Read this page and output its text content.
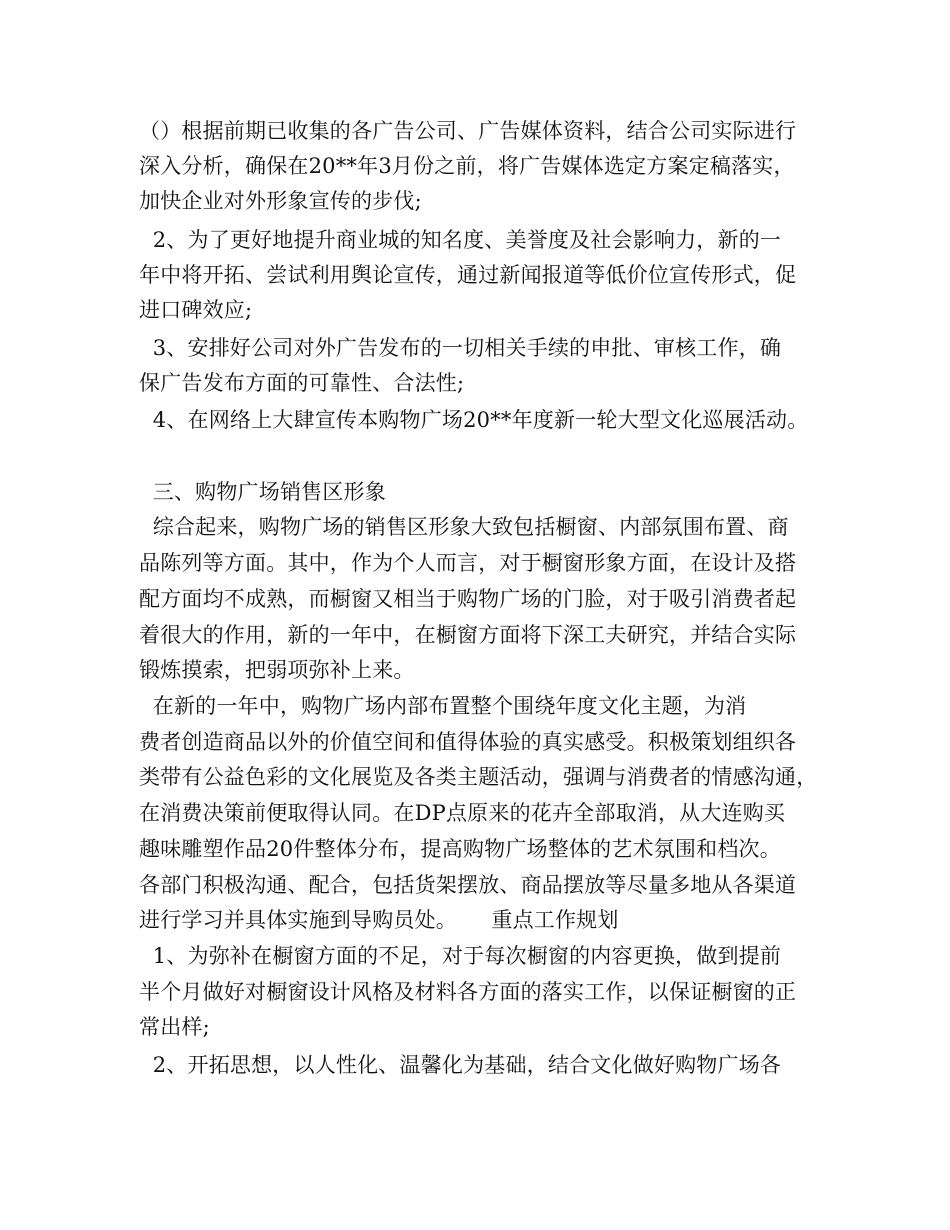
（）根据前期已收集的各广告公司、广告媒体资料，结合公司实际进行
深入分析，确保在20**年3月份之前，将广告媒体选定方案定稿落实，
加快企业对外形象宣传的步伐;
2、为了更好地提升商业城的知名度、美誉度及社会影响力，新的一
年中将开拓、尝试利用舆论宣传，通过新闻报道等低价位宣传形式，促
进口碑效应;
3、安排好公司对外广告发布的一切相关手续的申批、审核工作，确
保广告发布方面的可靠性、合法性;
4、在网络上大肆宣传本购物广场20**年度新一轮大型文化巡展活动。
三、购物广场销售区形象
综合起来，购物广场的销售区形象大致包括橱窗、内部氛围布置、商
品陈列等方面。其中，作为个人而言，对于橱窗形象方面，在设计及搭
配方面均不成熟，而橱窗又相当于购物广场的门脸，对于吸引消费者起
着很大的作用，新的一年中，在橱窗方面将下深工夫研究，并结合实际
锻炼摸索，把弱项弥补上来。
在新的一年中，购物广场内部布置整个围绕年度文化主题，为消
费者创造商品以外的价值空间和值得体验的真实感受。积极策划组织各
类带有公益色彩的文化展览及各类主题活动，强调与消费者的情感沟通，
在消费决策前便取得认同。在DP点原来的花卉全部取消，从大连购买
趣味雕塑作品20件整体分布，提高购物广场整体的艺术氛围和档次。
各部门积极沟通、配合，包括货架摆放、商品摆放等尽量多地从各渠道
进行学习并具体实施到导购员处。     重点工作规划
1、为弥补在橱窗方面的不足，对于每次橱窗的内容更换，做到提前
半个月做好对橱窗设计风格及材料各方面的落实工作，以保证橱窗的正
常出样;
2、开拓思想，以人性化、温馨化为基础，结合文化做好购物广场各
